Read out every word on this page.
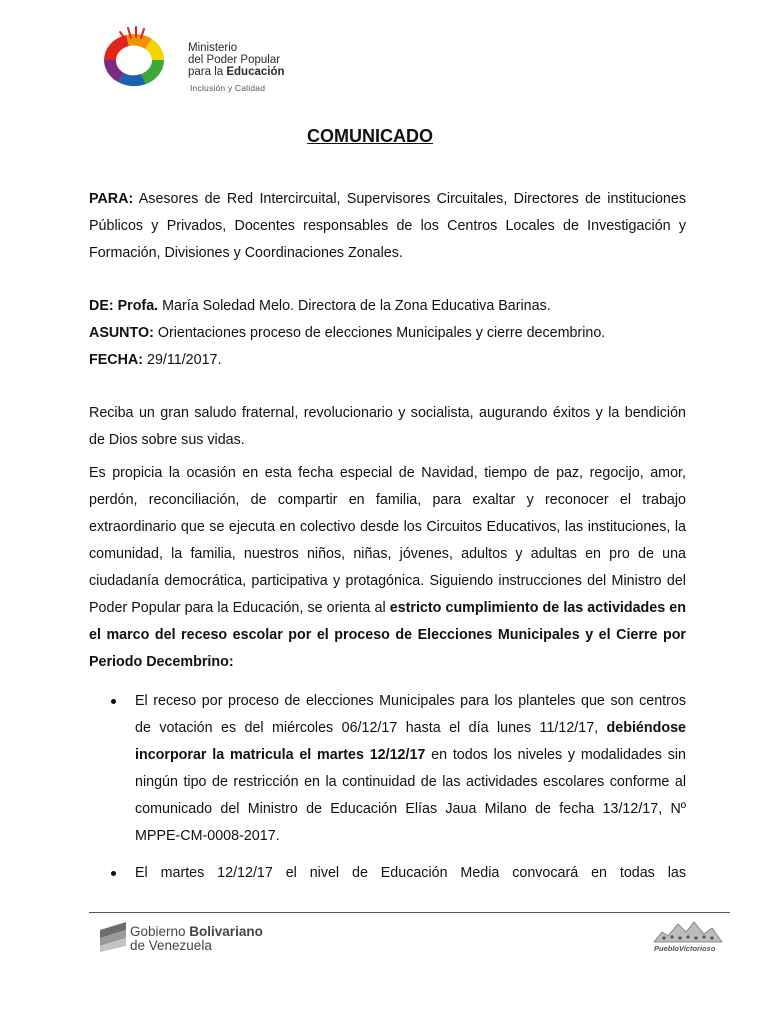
Ministerio
del Poder Popular
para la Educación
Inclusión y Calidad
COMUNICADO

PARA: Asesores de Red Intercircuital, Supervisores Circuitales, Directores de instituciones Públicos y Privados, Docentes responsables de los Centros Locales de Investigación y Formación, Divisiones y Coordinaciones Zonales.

DE: Profa. María Soledad Melo. Directora de la Zona Educativa Barinas.

ASUNTO: Orientaciones proceso de elecciones Municipales y cierre decembrino.

FECHA: 29/11/2017.

Reciba un gran saludo fraternal, revolucionario y socialista, augurando éxitos y la bendición de Dios sobre sus vidas.

Es propicia la ocasión en esta fecha especial de Navidad, tiempo de paz, regocijo, amor, perdón, reconciliación, de compartir en familia, para exaltar y reconocer el trabajo extraordinario que se ejecuta en colectivo desde los Circuitos Educativos, las instituciones, la comunidad, la familia, nuestros niños, niñas, jóvenes, adultos y adultas en pro de una ciudadanía democrática, participativa y protagónica. Siguiendo instrucciones del Ministro del Poder Popular para la Educación, se orienta al estricto cumplimiento de las actividades en el marco del receso escolar por el proceso de Elecciones Municipales y el Cierre por Periodo Decembrino:

El receso por proceso de elecciones Municipales para los planteles que son centros de votación es del miércoles 06/12/17 hasta el día lunes 11/12/17, debiéndose incorporar la matricula el martes 12/12/17 en todos los niveles y modalidades sin ningún tipo de restricción en la continuidad de las actividades escolares conforme al comunicado del Ministro de Educación Elías Jaua Milano de fecha 13/12/17, Nº MPPE-CM-0008-2017.
El martes 12/12/17 el nivel de Educación Media convocará en todas las
Gobierno Bolivariano
de Venezuela	PuebloVictorioso
